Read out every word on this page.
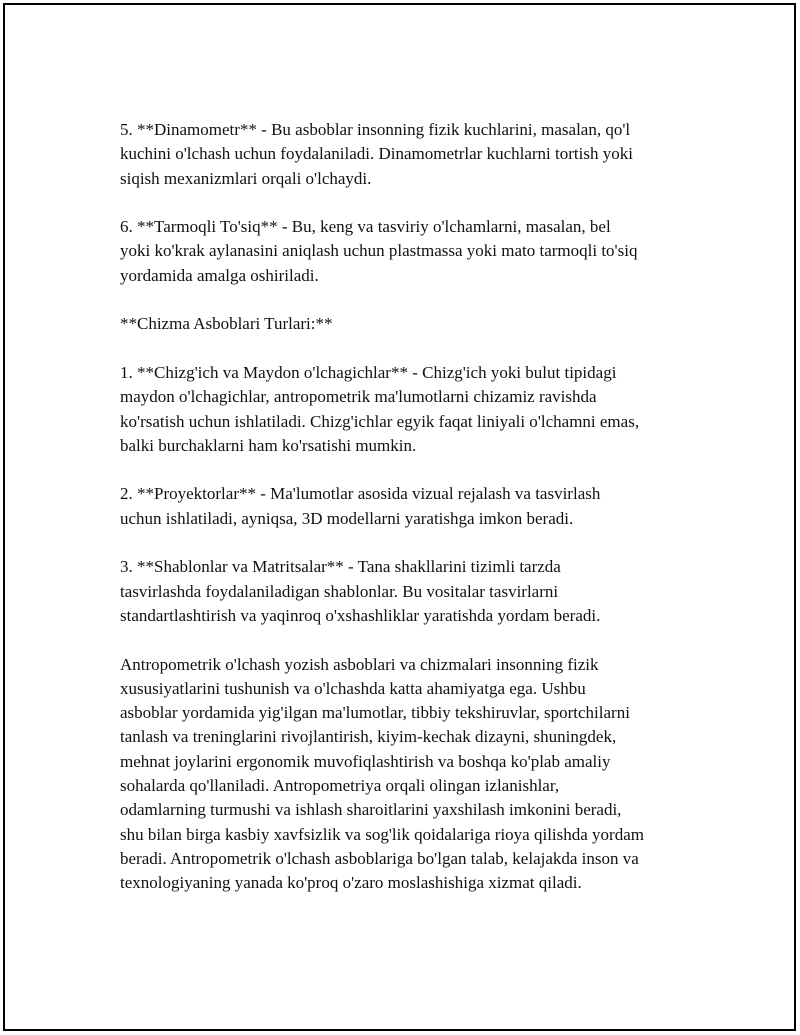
5. **Dinamometr** - Bu asboblar insonning fizik kuchlarini, masalan, qo'l
kuchini o'lchash uchun foydalaniladi. Dinamometrlar kuchlarni tortish yoki
siqish mexanizmlari orqali o'lchaydi.

6. **Tarmoqli To'siq** - Bu, keng va tasviriy o'lchamlarni, masalan, bel
yoki ko'krak aylanasini aniqlash uchun plastmassa yoki mato tarmoqli to'siq
yordamida amalga oshiriladi.

**Chizma Asboblari Turlari:**

1. **Chizg'ich va Maydon o'lchagichlar** - Chizg'ich yoki bulut tipidagi
maydon o'lchagichlar, antropometrik ma'lumotlarni chizamiz ravishda
ko'rsatish uchun ishlatiladi. Chizg'ichlar egyik faqat liniyali o'lchamni emas,
balki burchaklarni ham ko'rsatishi mumkin.

2. **Proyektorlar** - Ma'lumotlar asosida vizual rejalash va tasvirlash
uchun ishlatiladi, ayniqsa, 3D modellarni yaratishga imkon beradi.

3. **Shablonlar va Matritsalar** - Tana shakllarini tizimli tarzda
tasvirlashda foydalaniladigan shablonlar. Bu vositalar tasvirlarni
standartlashtirish va yaqinroq o'xshashliklar yaratishda yordam beradi.

Antropometrik o'lchash yozish asboblari va chizmalari insonning fizik
xususiyatlarini tushunish va o'lchashda katta ahamiyatga ega. Ushbu
asboblar yordamida yig'ilgan ma'lumotlar, tibbiy tekshiruvlar, sportchilarni
tanlash va treninglarini rivojlantirish, kiyim-kechak dizayni, shuningdek,
mehnat joylarini ergonomik muvofiqlashtirish va boshqa ko'plab amaliy
sohalarda qo'llaniladi. Antropometriya orqali olingan izlanishlar,
odamlarning turmushi va ishlash sharoitlarini yaxshilash imkonini beradi,
shu bilan birga kasbiy xavfsizlik va sog'lik qoidalariga rioya qilishda yordam
beradi. Antropometrik o'lchash asboblariga bo'lgan talab, kelajakda inson va
texnologiyaning yanada ko'proq o'zaro moslashishiga xizmat qiladi.
